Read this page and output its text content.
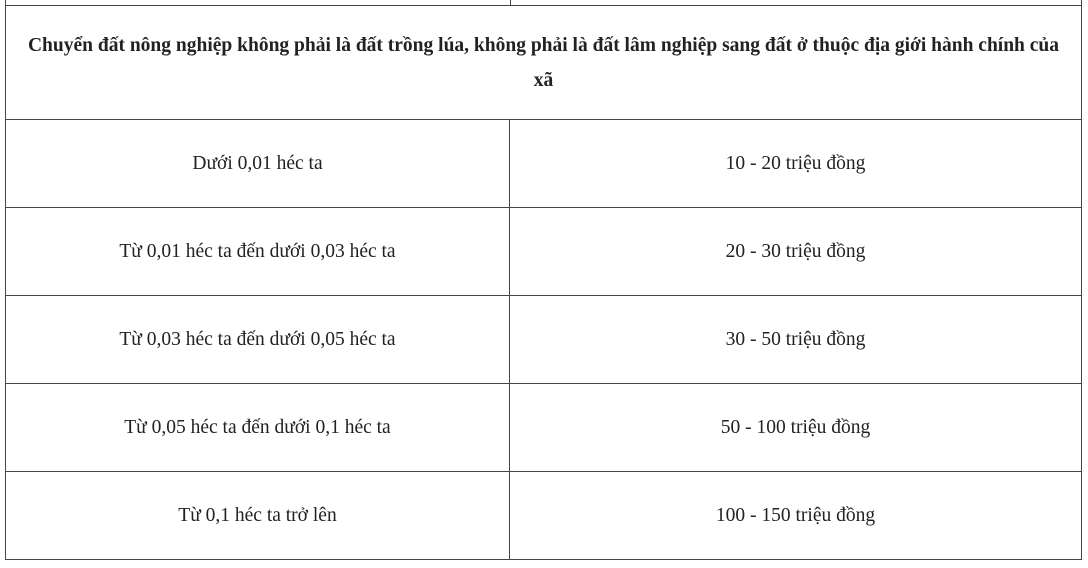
Chuyển đất nông nghiệp không phải là đất trồng lúa, không phải là đất lâm nghiệp sang đất ở thuộc địa giới hành chính của xã
Dưới 0,01 héc ta	10 - 20 triệu đồng
Từ 0,01 héc ta đến dưới 0,03 héc ta	20 - 30 triệu đồng
Từ 0,03 héc ta đến dưới 0,05 héc ta	30 - 50 triệu đồng
Từ 0,05 héc ta đến dưới 0,1 héc ta	50 - 100 triệu đồng
Từ 0,1 héc ta trở lên	100 - 150 triệu đồng
